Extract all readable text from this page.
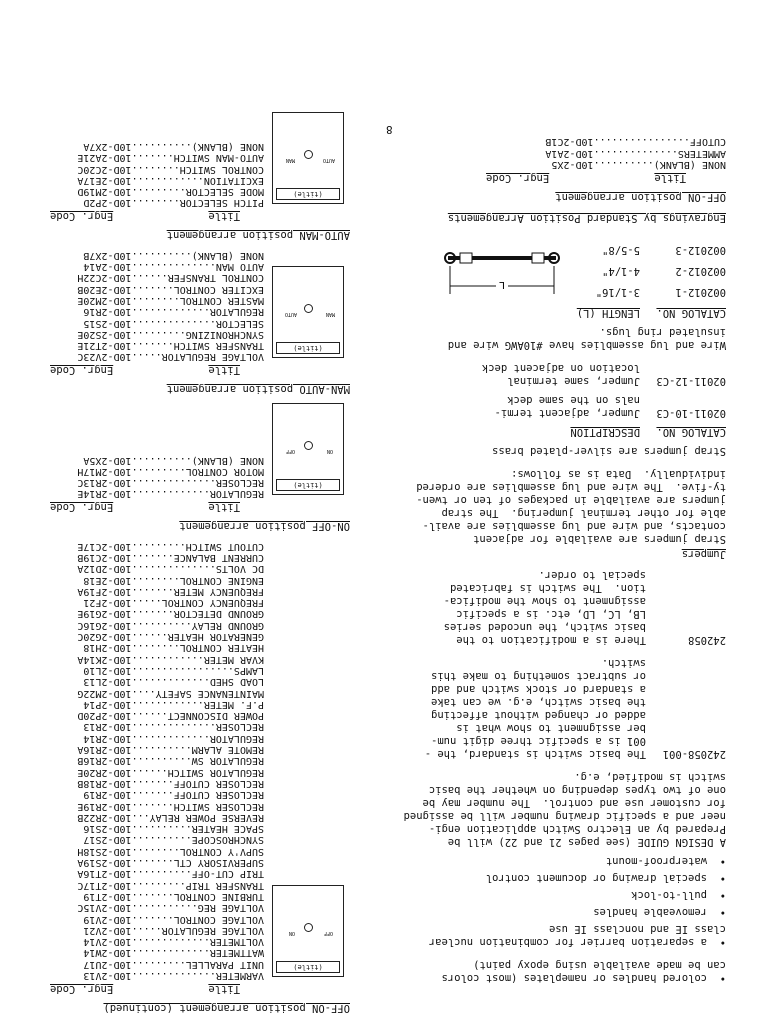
•  colored handles or nameplates (most colors
can be made available using epoxy paint)
•  a separation barrier for combination nuclear
class IE and nonclass IE use
•  removeable handles
•  pull-to-lock
•  special drawing or document control
•  waterproof-mount
A DESIGN GUIDE (see pages 21 and 22) will be
Prepared by an Electro Switch application engi-
neer and a specific drawing number will be assigned
for customer use and control.  The number may be
one of two types depending on whether the basic
switch is modified, e.g.
242058-001
The basic switch is standard, the -
001 is a specific three digit num-
ber assignment to show what is
added or changed without affecting
the basic switch, e.g. we can take
a standard or stock switch and add
or subtract something to make this
switch.
242058
There is a modification to the
basic switch, the uncoded series
LB, LC, LD, etc. is a specific
assignment to show the modifica-
tion.  The switch is fabricated
special to order.
Jumpers
Strap jumpers are available for adjacent
contacts, and wire and lug assemblies are avail-
able for other terminal jumpering.  The strap
jumpers are available in packages of ten or twen-
ty-five.  The wire and lug assemblies are ordered
individually.  Data is as follows:
Strap jumpers are silver-plated brass
CATALOG NO.
DESCRIPTION
02011-10-C3
Jumper, adjacent termi-
nals on the same deck
02011-12-C3
Jumper, same terminal
location on adjacent deck
Wire and lug assemblies have #10AWG wire and
insulated ring lugs.
CATALOG NO.
LENGTH (L)
002012-1
3-1/16"
002012-2
4-1/4"
002012-3
5-5/8"
L
Engravings by Standard Position Arrangements
OFF-ON position arrangement
Title
Engr. Code
NONE (BLANK)..........10D-2X5
AMMETERS..............10D-2A1A
CUTOFF................10D-2C1B
8
OFF-ON position arrangement (continued)
Title
Engr. Code
(title)
OFF
ON
VARMETER..............10D-2V13
UNIT PARALLEL.........10D-2U17
WATTMETER.............10D-2W14
VOLTMETER.............10D-2V14
VOLTAGE REGULATOR.....10D-2V21
VOLTAGE CONTROL.......10D-2V19
VOLTAGE REG...........10D-2V15C
TURBINE CONTROL.......10D-2T19
TRANSFER TRIP.........10D-2T17C
TRIP CUT-OFF..........10D-2T16A
SUPERVISORY CTL.......10D-2S19A
SUPV'Y CONTROL........10D-2S18H
SYNCHROSCOPE..........10D-2S17
SPACE HEATER..........10D-2S16
REVERSE POWER RELAY...10D-2R22B
RECLOSER SWITCH.......10D-2R19E
RECLOSER CUTOFF.......10D-2R19
RECLOSER CUTOFF.......10D-2R18B
REGULATOR SWITCH......10D-2R20E
REGULATOR SW..........10D-2R16B
REMOTE ALARM..........10D-2R16A
REGULATOR.............10D-2R14
RECLOSER..............10D-2R13
POWER DISCONNECT......10D-2P20D
P.F. METER............10D-2P14
MAINTENANCE SAFETY....10D-2M22G
LOAD SHED.............10D-2L13
LAMPS.................10D-2L10
KVAR METER............10D-2K14A
HEATER CONTROL........10D-2H18
GENERATOR HEATER......10D-2G20C
GROUND RELAY..........10D-2G16C
GROUND DETECTOR.......10D-2G19E
FREQUENCY CONTROL.....10D-2F21
FREQUENCY METER.......10D-2F19A
ENGINE CONTROL........10D-2E18
DC VOLTS..............10D-2D12A
CURRENT BALANCE.......10D-2C19B
CUTOUT SWITCH.........10D-2C17E
ON-OFF position arrangement
Title
Engr. Code
(title)
ON
OFF
REGULATOR.............10D-2R14E
RECLOSER..............10D-2R13C
MOTOR CONTROL.........10D-2M17H
NONE (BLANK)..........10D-2X5A
MAN-AUTO position arrangement
Title
Engr. Code
(title)
MAN
AUTO
VOLTAGE REGULATOR.....10D-2V23C
TRANSFER SWITCH.......10D-2T21E
SYNCHRONIZING.........10D-2S20E
SELECTOR..............10D-2S15
REGULATOR.............10D-2R16
MASTER CONTROL........10D-2M20E
EXCITER CONTROL.......10D-2E20B
CONTROL TRANSFER......10D-2C22H
AUTO MAN..............10D-2A14
NONE (BLANK)..........10D-2X7B
AUTO-MAN position arrangement
Title
Engr. Code
(title)
AUTO
MAN
PITCH SELECTOR........10D-2P2D
MODE SELECTOR.........10D-2M19D
EXCITATION............10D-2E17A
CONTROL SWITCH........10D-2C20C
AUTO-MAN SWITCH.......10D-2A21E
NONE (BLANK)..........10D-2X7A
